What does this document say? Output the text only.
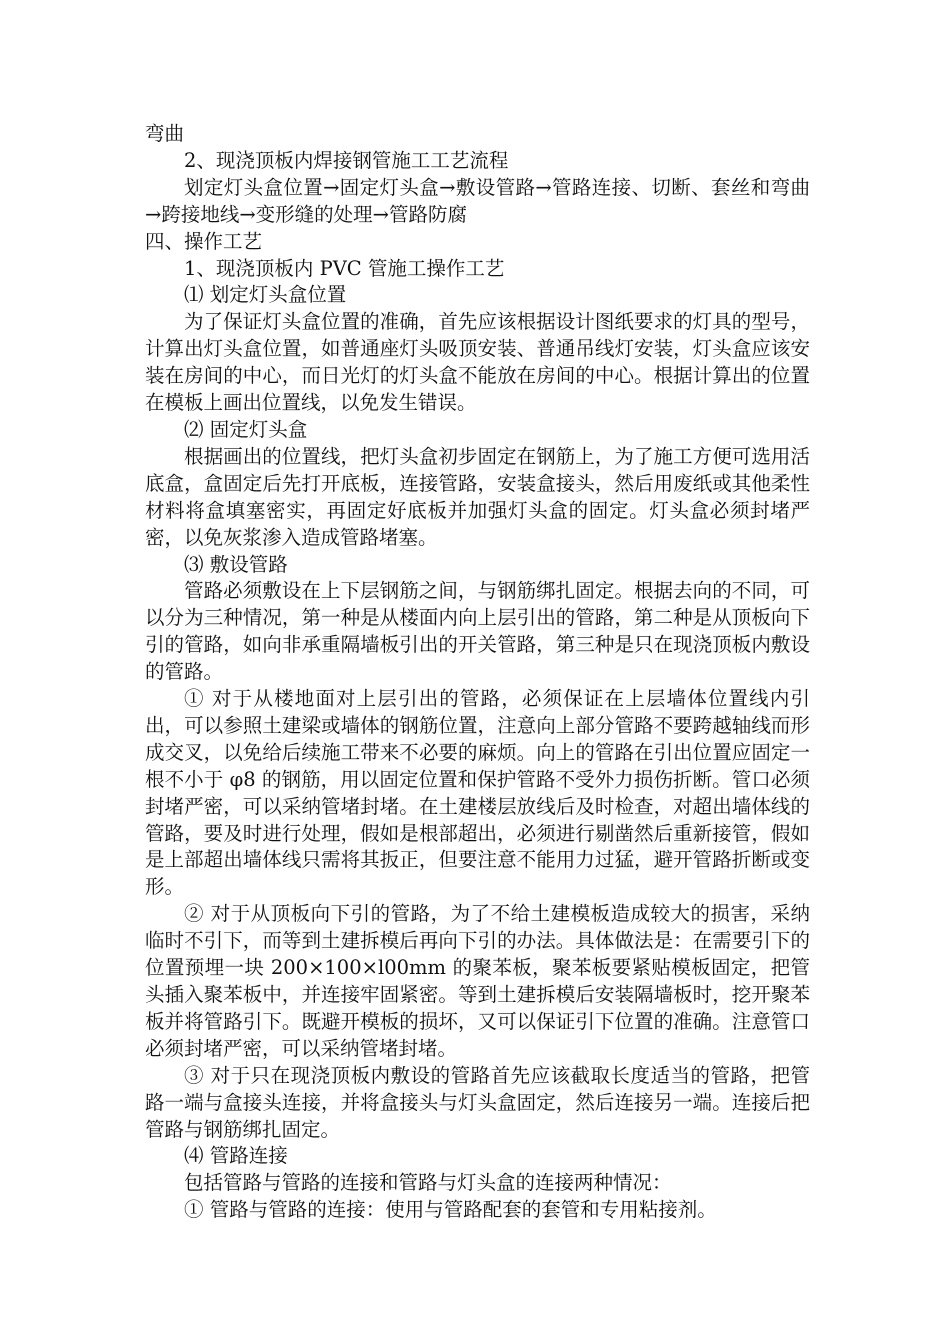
弯曲

2、现浇顶板内焊接钢管施工工艺流程

划定灯头盒位置→固定灯头盒→敷设管路→管路连接、切断、套丝和弯曲→跨接地线→变形缝的处理→管路防腐

四、操作工艺

1、现浇顶板内 PVC 管施工操作工艺

⑴ 划定灯头盒位置

为了保证灯头盒位置的准确，首先应该根据设计图纸要求的灯具的型号，计算出灯头盒位置，如普通座灯头吸顶安装、普通吊线灯安装，灯头盒应该安装在房间的中心，而日光灯的灯头盒不能放在房间的中心。根据计算出的位置在模板上画出位置线，以免发生错误。

⑵ 固定灯头盒

根据画出的位置线，把灯头盒初步固定在钢筋上，为了施工方便可选用活底盒，盒固定后先打开底板，连接管路，安装盒接头，然后用废纸或其他柔性材料将盒填塞密实，再固定好底板并加强灯头盒的固定。灯头盒必须封堵严密，以免灰浆渗入造成管路堵塞。

⑶ 敷设管路

管路必须敷设在上下层钢筋之间，与钢筋绑扎固定。根据去向的不同，可以分为三种情况，第一种是从楼面内向上层引出的管路，第二种是从顶板向下引的管路，如向非承重隔墙板引出的开关管路，第三种是只在现浇顶板内敷设的管路。

① 对于从楼地面对上层引出的管路，必须保证在上层墙体位置线内引出，可以参照土建梁或墙体的钢筋位置，注意向上部分管路不要跨越轴线而形成交叉，以免给后续施工带来不必要的麻烦。向上的管路在引出位置应固定一根不小于 φ8 的钢筋，用以固定位置和保护管路不受外力损伤折断。管口必须封堵严密，可以采纳管堵封堵。在土建楼层放线后及时检查，对超出墙体线的管路，要及时进行处理，假如是根部超出，必须进行剔凿然后重新接管，假如是上部超出墙体线只需将其扳正，但要注意不能用力过猛，避开管路折断或变形。

② 对于从顶板向下引的管路，为了不给土建模板造成较大的损害，采纳临时不引下，而等到土建拆模后再向下引的办法。具体做法是：在需要引下的位置预埋一块 200×100×l00mm 的聚苯板，聚苯板要紧贴模板固定，把管头插入聚苯板中，并连接牢固紧密。等到土建拆模后安装隔墙板时，挖开聚苯板并将管路引下。既避开模板的损坏，又可以保证引下位置的准确。注意管口必须封堵严密，可以采纳管堵封堵。

③ 对于只在现浇顶板内敷设的管路首先应该截取长度适当的管路，把管路一端与盒接头连接，并将盒接头与灯头盒固定，然后连接另一端。连接后把管路与钢筋绑扎固定。

⑷ 管路连接

包括管路与管路的连接和管路与灯头盒的连接两种情况：

① 管路与管路的连接：使用与管路配套的套管和专用粘接剂。
